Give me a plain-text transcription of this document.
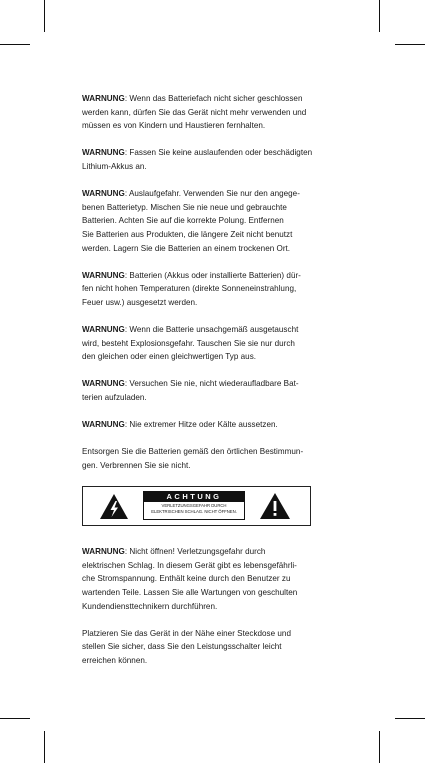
WARNUNG: Wenn das Batteriefach nicht sicher geschlossen
werden kann, dürfen Sie das Gerät nicht mehr verwenden und
müssen es von Kindern und Haustieren fernhalten.
WARNUNG: Fassen Sie keine auslaufenden oder beschädigten
Lithium-Akkus an.
WARNUNG: Auslaufgefahr. Verwenden Sie nur den angege-
benen Batterietyp. Mischen Sie nie neue und gebrauchte
Batterien. Achten Sie auf die korrekte Polung. Entfernen
Sie Batterien aus Produkten, die längere Zeit nicht benutzt
werden. Lagern Sie die Batterien an einem trockenen Ort.
WARNUNG: Batterien (Akkus oder installierte Batterien) dür-
fen nicht hohen Temperaturen (direkte Sonneneinstrahlung,
Feuer usw.) ausgesetzt werden.
WARNUNG: Wenn die Batterie unsachgemäß ausgetauscht
wird, besteht Explosionsgefahr. Tauschen Sie sie nur durch
den gleichen oder einen gleichwertigen Typ aus.
WARNUNG: Versuchen Sie nie, nicht wiederaufladbare Bat-
terien aufzuladen.
WARNUNG: Nie extremer Hitze oder Kälte aussetzen.
Entsorgen Sie die Batterien gemäß den örtlichen Bestimmun-
gen. Verbrennen Sie sie nicht.
ACHTUNG
VERLETZUNGSGEFAHR DURCH
ELEKTRISCHEN SCHLAG. NICHT ÖFFNEN.
WARNUNG: Nicht öffnen! Verletzungsgefahr durch
elektrischen Schlag. In diesem Gerät gibt es lebensgefährli-
che Stromspannung. Enthält keine durch den Benutzer zu
wartenden Teile. Lassen Sie alle Wartungen von geschulten
Kundendiensttechnikern durchführen.
Platzieren Sie das Gerät in der Nähe einer Steckdose und
stellen Sie sicher, dass Sie den Leistungsschalter leicht
erreichen können.
